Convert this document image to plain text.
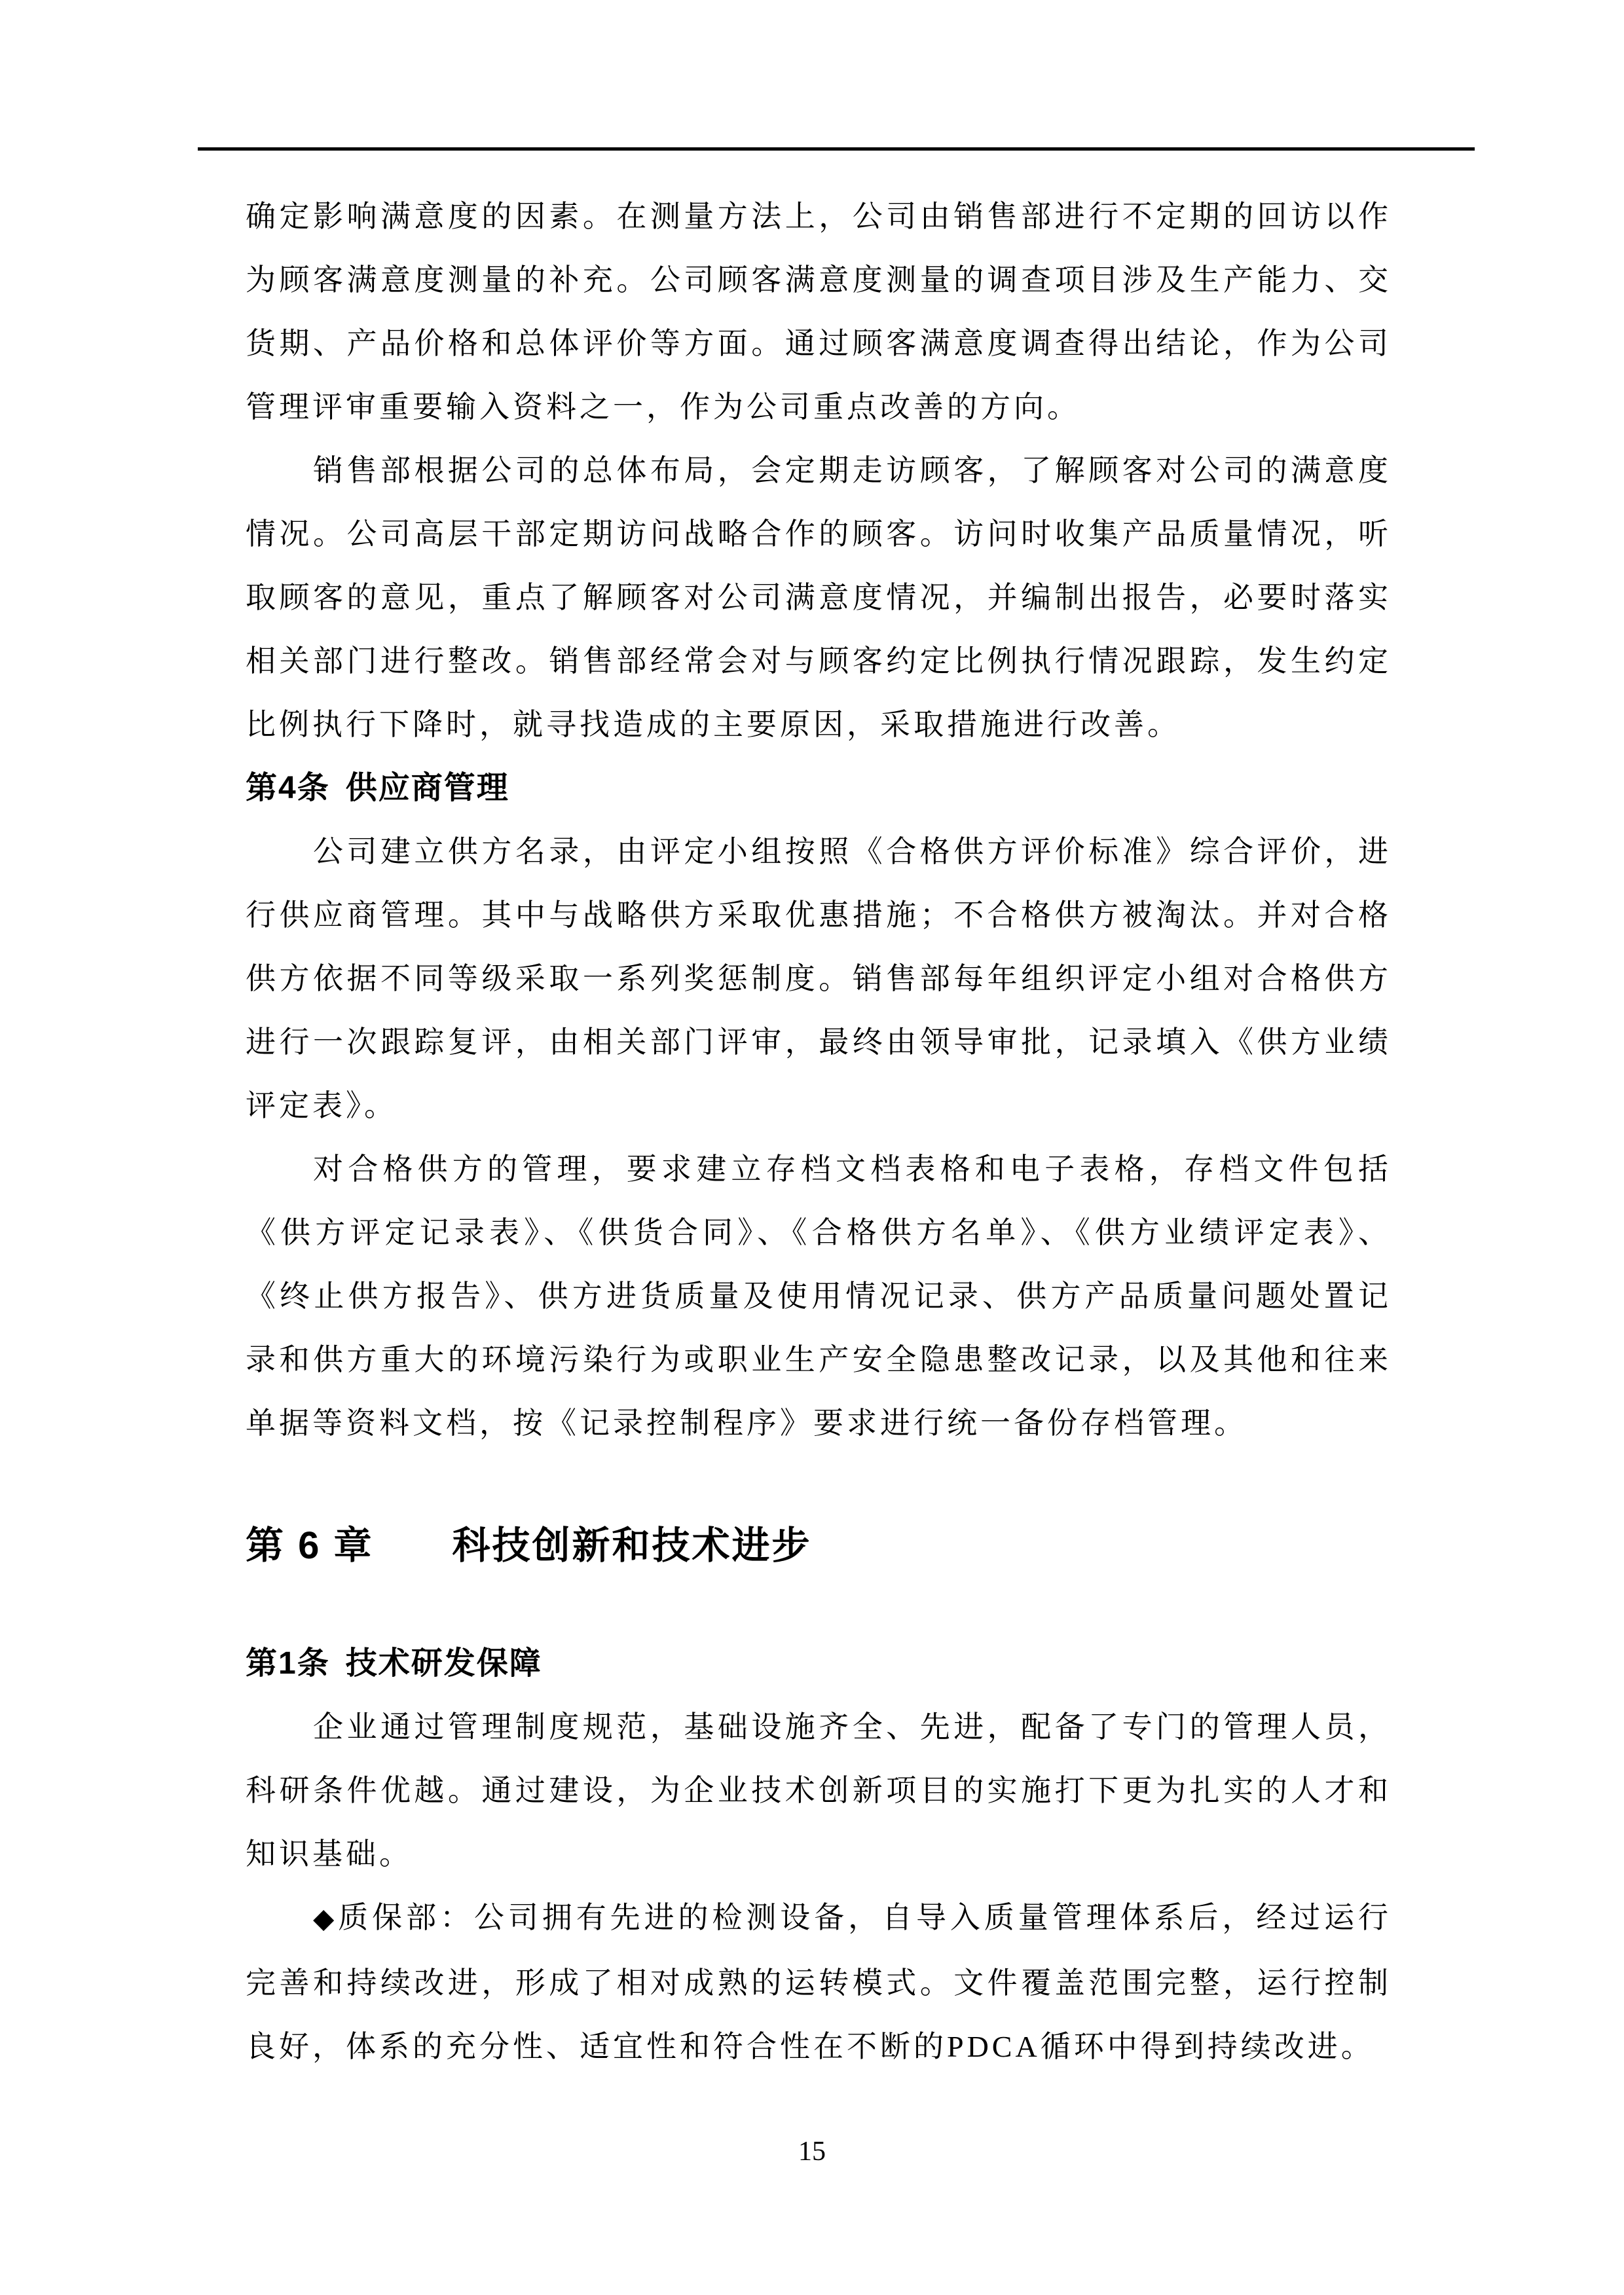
确定影响满意度的因素。在测量方法上，公司由销售部进行不定期的回访以作为顾客满意度测量的补充。公司顾客满意度测量的调查项目涉及生产能力、交货期、产品价格和总体评价等方面。通过顾客满意度调查得出结论，作为公司管理评审重要输入资料之一，作为公司重点改善的方向。

销售部根据公司的总体布局，会定期走访顾客，了解顾客对公司的满意度情况。公司高层干部定期访问战略合作的顾客。访问时收集产品质量情况，听取顾客的意见，重点了解顾客对公司满意度情况，并编制出报告，必要时落实相关部门进行整改。销售部经常会对与顾客约定比例执行情况跟踪，发生约定比例执行下降时，就寻找造成的主要原因，采取措施进行改善。

第4条 供应商管理

公司建立供方名录，由评定小组按照《合格供方评价标准》综合评价，进行供应商管理。其中与战略供方采取优惠措施；不合格供方被淘汰。并对合格供方依据不同等级采取一系列奖惩制度。销售部每年组织评定小组对合格供方进行一次跟踪复评，由相关部门评审，最终由领导审批，记录填入《供方业绩评定表》。

对合格供方的管理，要求建立存档文档表格和电子表格，存档文件包括《供方评定记录表》、《供货合同》、《合格供方名单》、《供方业绩评定表》、《终止供方报告》、供方进货质量及使用情况记录、供方产品质量问题处置记录和供方重大的环境污染行为或职业生产安全隐患整改记录，以及其他和往来单据等资料文档，按《记录控制程序》要求进行统一备份存档管理。

第 6 章 科技创新和技术进步
第1条 技术研发保障

企业通过管理制度规范，基础设施齐全、先进，配备了专门的管理人员，科研条件优越。通过建设，为企业技术创新项目的实施打下更为扎实的人才和知识基础。

◆质保部：公司拥有先进的检测设备，自导入质量管理体系后，经过运行完善和持续改进，形成了相对成熟的运转模式。文件覆盖范围完整，运行控制良好，体系的充分性、适宜性和符合性在不断的PDCA循环中得到持续改进。

15
